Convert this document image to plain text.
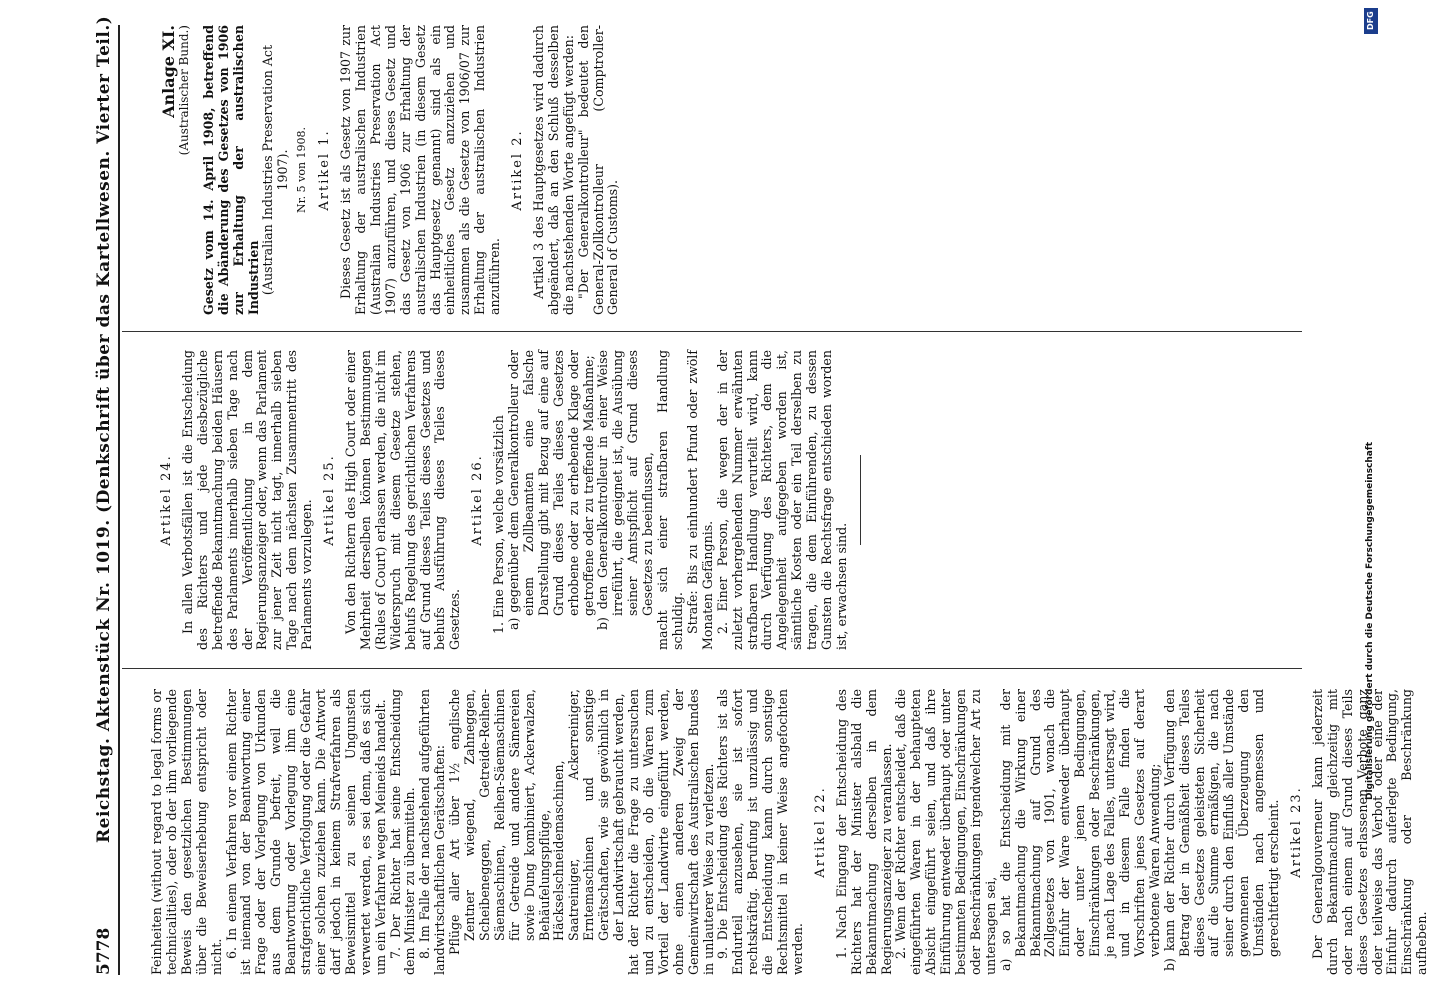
5778
Reichstag. Aktenstück Nr. 1019. (Denkschrift über das Kartellwesen. Vierter Teil.)	Feinheiten (without regard to legal forms or technicalities), oder ob der ihm vorliegende Beweis den gesetzlichen Bestimmungen über die Beweiserhebung entspricht oder nicht. 6. In einem Verfahren vor einem Richter ist niemand von der Beantwortung einer Frage oder der Vorlegung von Urkunden aus dem Grunde befreit, weil die Beantwortung oder Vorlegung ihm eine strafgerichtliche Verfolgung oder die Gefahr einer solchen zuziehen kann. Die Antwort darf jedoch in keinem Strafverfahren als Beweismittel zu seinen Ungunsten verwertet werden, es sei denn, daß es sich um ein Verfahren wegen Meineids handelt. 7. Der Richter hat seine Entscheidung dem Minister zu übermitteln. 8. Im Falle der nachstehend aufgeführten landwirtschaftlichen Gerätschaften: Pflüge aller Art über 1½ englische Zentner wiegend, Zahneggen, Scheibeneggen, Getreide-Reihen-Säemaschinen, Reihen-Säemaschinen für Getreide und andere Sämereien sowie Dung kombiniert, Ackerwalzen, Behäufelungspflüge, Häckselschneidemaschinen, Saatreiniger, Ackerreiniger, Erntemaschinen und sonstige Gerätschaften, wie sie gewöhnlich in der Landwirtschaft gebraucht werden, hat der Richter die Frage zu untersuchen und zu entscheiden, ob die Waren zum Vorteil der Landwirte eingeführt werden, ohne einen anderen Zweig der Gemeinwirtschaft des Australischen Bundes in unlauterer Weise zu verletzen. 9. Die Entscheidung des Richters ist als Endurteil anzusehen, sie ist sofort rechtskräftig. Berufung ist unzulässig und die Entscheidung kann durch sonstige Rechtsmittel in keiner Weise angefochten werden.

Artikel 22. 1. Nach Eingang der Entscheidung des Richters hat der Minister alsbald die Bekanntmachung derselben in dem Regierungsanzeiger zu veranlassen. 2. Wenn der Richter entscheidet, daß die eingeführten Waren in der behaupteten Absicht eingeführt seien, und daß ihre Einführung entweder überhaupt oder unter bestimmten Bedingungen, Einschränkungen oder Beschränkungen irgendwelcher Art zu untersagen sei, a) so hat die Entscheidung mit der Bekanntmachung die Wirkung einer Bekanntmachung auf Grund des Zollgesetzes von 1901, wonach die Einfuhr der Ware entweder überhaupt oder unter jenen Bedingungen, Einschränkungen oder Beschränkungen, je nach Lage des Falles, untersagt wird, und in diesem Falle finden die Vorschriften jenes Gesetzes auf derart verbotene Waren Anwendung; b) kann der Richter durch Verfügung den Betrag der in Gemäßheit dieses Teiles dieses Gesetzes geleisteten Sicherheit auf die Summe ermäßigen, die nach seiner durch den Einfluß aller Umstände gewonnenen Überzeugung den Umständen nach angemessen und gerechtfertigt erscheint. Artikel 23. Der Generalgouverneur kann jederzeit durch Bekanntmachung gleichzeitig mit oder nach einem auf Grund dieses Teils dieses Gesetzes erlassenen Verbote ganz oder teilweise das Verbot oder eine der Einfuhr dadurch auferlegte Bedingung, Einschränkung oder Beschränkung aufheben.

Artikel 24. In allen Verbotsfällen ist die Entscheidung des Richters und jede diesbezügliche betreffende Bekanntmachung beiden Häusern des Parlaments innerhalb sieben Tage nach der Veröffentlichung in dem Regierungsanzeiger oder, wenn das Parlament zur jener Zeit nicht tagt, innerhalb sieben Tage nach dem nächsten Zusammentritt des Parlaments vorzulegen. Artikel 25. Von den Richtern des High Court oder einer Mehrheit derselben können Bestimmungen (Rules of Court) erlassen werden, die nicht im Widerspruch mit diesem Gesetze stehen, behufs Regelung des gerichtlichen Verfahrens auf Grund dieses Teiles dieses Gesetzes und behufs Ausführung dieses Teiles dieses Gesetzes.

Artikel 26. 1. Eine Person, welche vorsätzlich a) gegenüber dem Generalkontrolleur oder einem Zollbeamten eine falsche Darstellung gibt mit Bezug auf eine auf Grund dieses Teiles dieses Gesetzes erhobene oder zu erhebende Klage oder getroffene oder zu treffende Maßnahme; b) den Generalkontrolleur in einer Weise irreführt, die geeignet ist, die Ausübung seiner Amtspflicht auf Grund dieses Gesetzes zu beeinflussen, macht sich einer strafbaren Handlung schuldig. Strafe: Bis zu einhundert Pfund oder zwölf Monaten Gefängnis. 2. Einer Person, die wegen der in der zuletzt vorhergehenden Nummer erwähnten strafbaren Handlung verurteilt wird, kann durch Verfügung des Richters, dem die Angelegenheit aufgegeben worden ist, sämtliche Kosten oder ein Teil derselben zu tragen, die dem Einführenden, zu dessen Gunsten die Rechtsfrage entschieden worden ist, erwachsen sind.

Anlage XI.
(Australischer Bund.) Gesetz vom 14. April 1908, betreffend die Abänderung des Gesetzes von 1906 zur Erhaltung der australischen Industrien (Australian Industries Preservation Act 1907). Nr. 5 von 1908. Artikel 1. Dieses Gesetz ist als Gesetz von 1907 zur Erhaltung der australischen Industrien (Australian Industries Preservation Act 1907) anzuführen, und dieses Gesetz und das Gesetz von 1906 zur Erhaltung der australischen Industrien (in diesem Gesetz das Hauptgesetz genannt) sind als ein einheitliches Gesetz anzuziehen und zusammen als die Gesetze von 1906/07 zur Erhaltung der australischen Industrien anzuführen.

Artikel 2. Artikel 3 des Hauptgesetzes wird dadurch abgeändert, daß an den Schluß desselben die nachstehenden Worte angefügt werden: "Der Generalkontrolleur" bedeutet den General-Zollkontrolleur (Comptroller-General of Customs).

DFG
Digitalisierung gefördert durch die Deutsche Forschungsgemeinschaft
